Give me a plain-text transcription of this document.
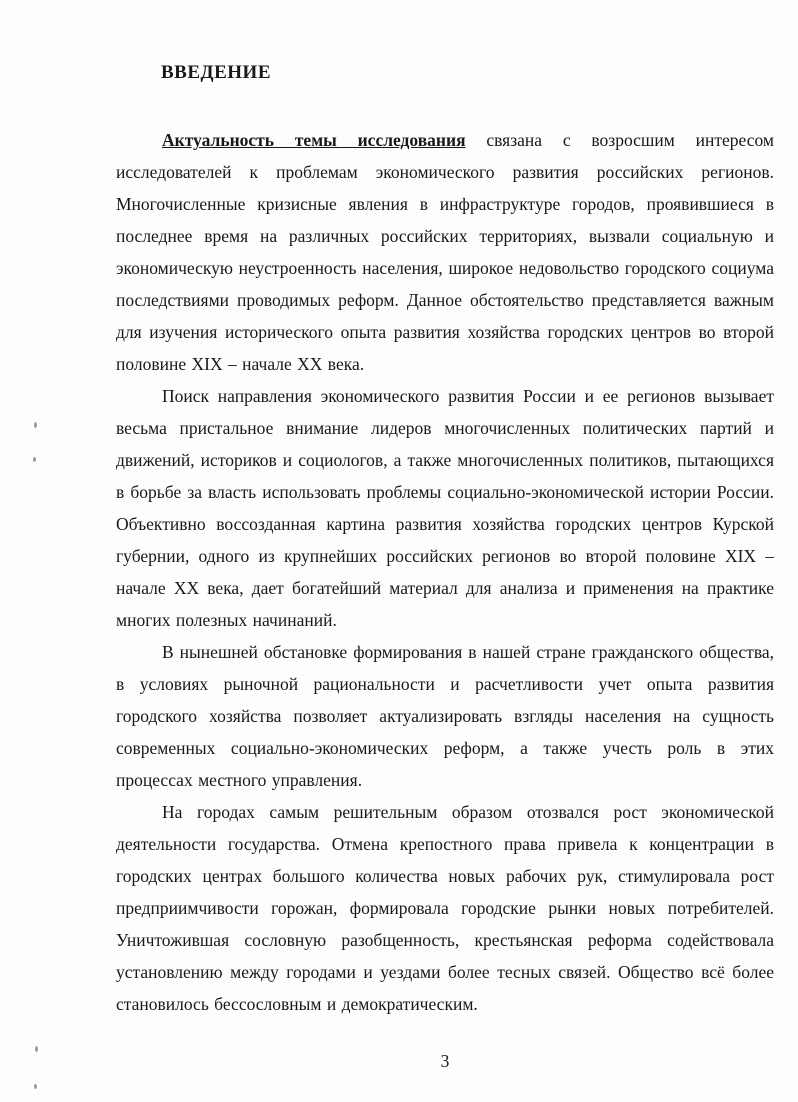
ВВЕДЕНИЕ

Актуальность темы исследования связана с возросшим интересом исследователей к проблемам экономического развития российских регионов. Многочисленные кризисные явления в инфраструктуре городов, проявившиеся в последнее время на различных российских территориях, вызвали социальную и экономическую неустроенность населения, широкое недовольство городского социума последствиями проводимых реформ. Данное обстоятельство представляется важным для изучения исторического опыта развития хозяйства городских центров во второй половине XIX – начале XX века.

Поиск направления экономического развития России и ее регионов вызывает весьма пристальное внимание лидеров многочисленных политических партий и движений, историков и социологов, а также многочисленных политиков, пытающихся в борьбе за власть использовать проблемы социально-экономической истории России. Объективно воссозданная картина развития хозяйства городских центров Курской губернии, одного из крупнейших российских регионов во второй половине XIX – начале XX века, дает богатейший материал для анализа и применения на практике многих полезных начинаний.

В нынешней обстановке формирования в нашей стране гражданского общества, в условиях рыночной рациональности и расчетливости учет опыта развития городского хозяйства позволяет актуализировать взгляды населения на сущность современных социально-экономических реформ, а также учесть роль в этих процессах местного управления.

На городах самым решительным образом отозвался рост экономической деятельности государства. Отмена крепостного права привела к концентрации в городских центрах большого количества новых рабочих рук, стимулировала рост предприимчивости горожан, формировала городские рынки новых потребителей. Уничтожившая сословную разобщенность, крестьянская реформа содействовала установлению между городами и уездами более тесных связей. Общество всё более становилось бессословным и демократическим.

3
